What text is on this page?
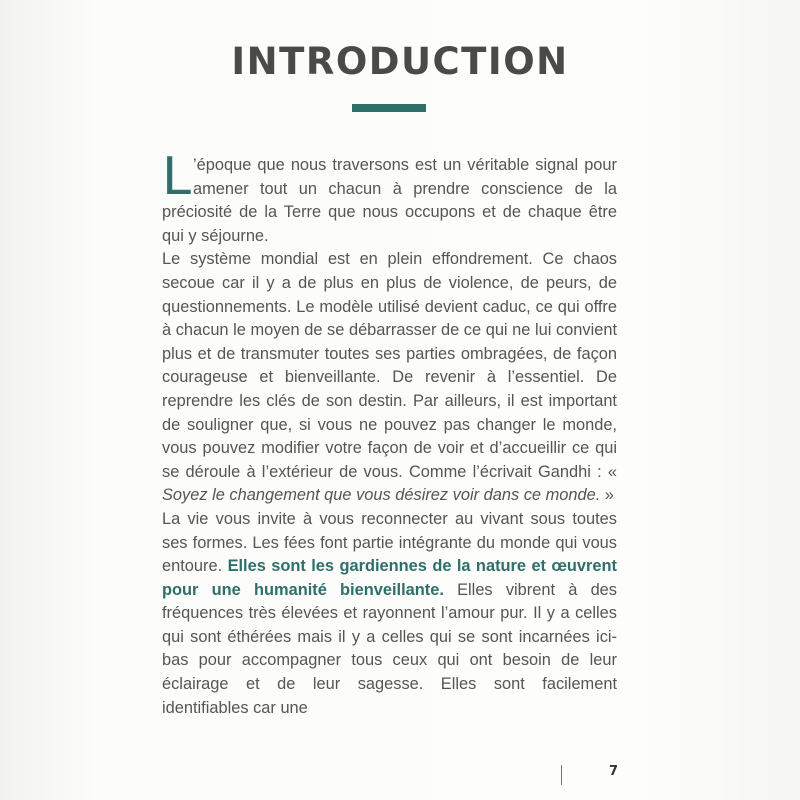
INTRODUCTION

L ’époque que nous traversons est un véritable signal pour amener tout un chacun à prendre conscience de la préciosité de la Terre que nous occupons et de chaque être qui y séjourne.

Le système mondial est en plein effondrement. Ce chaos secoue car il y a de plus en plus de violence, de peurs, de questionnements. Le modèle utilisé devient caduc, ce qui offre à chacun le moyen de se débarrasser de ce qui ne lui convient plus et de transmuter toutes ses parties ombragées, de façon courageuse et bienveillante. De revenir à l’essentiel. De reprendre les clés de son destin. Par ailleurs, il est important de souligner que, si vous ne pouvez pas changer le monde, vous pouvez modifier votre façon de voir et d’accueillir ce qui se déroule à l’extérieur de vous. Comme l’écrivait Gandhi : « Soyez le changement que vous désirez voir dans ce monde. »

La vie vous invite à vous reconnecter au vivant sous toutes ses formes. Les fées font partie intégrante du monde qui vous entoure. Elles sont les gardiennes de la nature et œuvrent pour une humanité bienveillante. Elles vibrent à des fréquences très élevées et rayonnent l’amour pur. Il y a celles qui sont éthérées mais il y a celles qui se sont incarnées ici-bas pour accompagner tous ceux qui ont besoin de leur éclairage et de leur sagesse. Elles sont facilement identifiables car une

7
